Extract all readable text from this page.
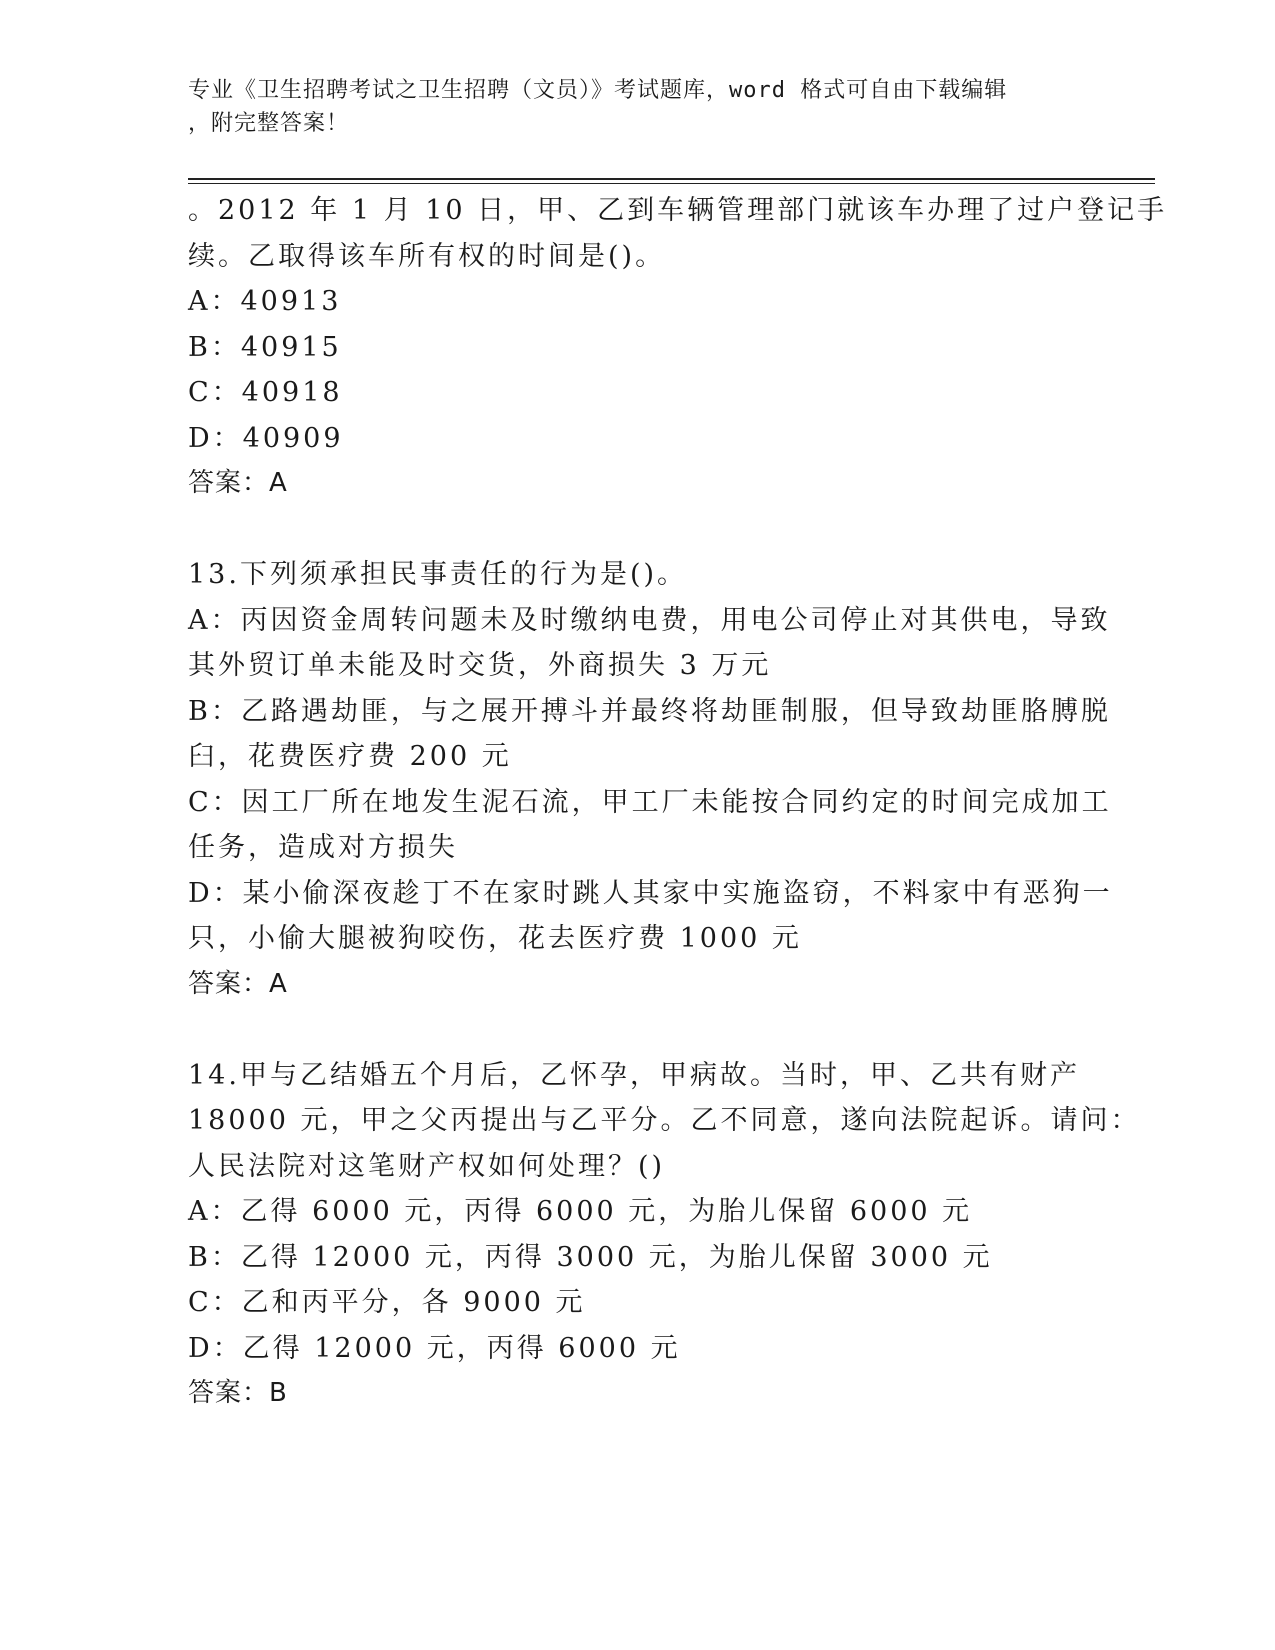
专业《卫生招聘考试之卫生招聘（文员）》考试题库，word 格式可自由下载编辑
，附完整答案！
。2012 年 1 月 10 日，甲、乙到车辆管理部门就该车办理了过户登记手
续。乙取得该车所有权的时间是()。
A：40913
B：40915
C：40918
D：40909
答案：A
13.下列须承担民事责任的行为是()。
A：丙因资金周转问题未及时缴纳电费，用电公司停止对其供电，导致
其外贸订单未能及时交货，外商损失 3 万元
B：乙路遇劫匪，与之展开搏斗并最终将劫匪制服，但导致劫匪胳膊脱
臼，花费医疗费 200 元
C：因工厂所在地发生泥石流，甲工厂未能按合同约定的时间完成加工
任务，造成对方损失
D：某小偷深夜趁丁不在家时跳人其家中实施盗窃，不料家中有恶狗一
只，小偷大腿被狗咬伤，花去医疗费 1000 元
答案：A
14.甲与乙结婚五个月后，乙怀孕，甲病故。当时，甲、乙共有财产
18000 元，甲之父丙提出与乙平分。乙不同意，遂向法院起诉。请问：
人民法院对这笔财产权如何处理？()
A：乙得 6000 元，丙得 6000 元，为胎儿保留 6000 元
B：乙得 12000 元，丙得 3000 元，为胎儿保留 3000 元
C：乙和丙平分，各 9000 元
D：乙得 12000 元，丙得 6000 元
答案：B
